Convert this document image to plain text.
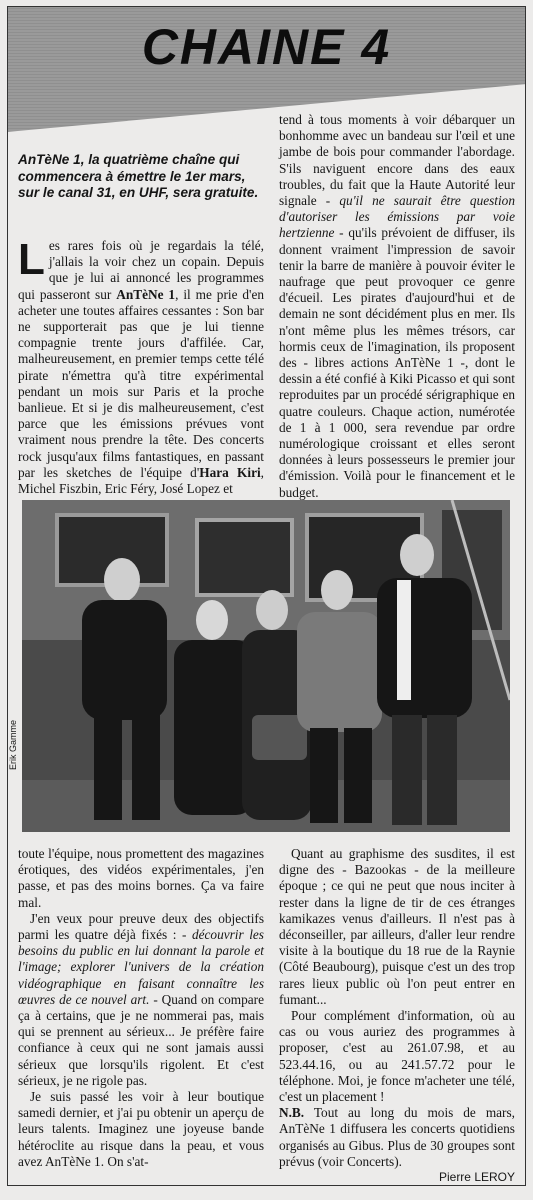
CHAINE 4
AnTèNe 1, la quatrième chaîne qui commencera à émettre le 1er mars, sur le canal 31, en UHF, sera gratuite.

Les rares fois où je regardais la télé, j'allais la voir chez un copain. Depuis que je lui ai annoncé les programmes qui passeront sur AnTèNe 1, il me prie d'en acheter une toutes affaires cessantes : Son bar ne supporterait pas que je lui tienne compagnie trente jours d'affilée. Car, malheureusement, en premier temps cette télé pirate n'émettra qu'à titre expérimental pendant un mois sur Paris et la proche banlieue. Et si je dis malheureusement, c'est parce que les émissions prévues vont vraiment nous prendre la tête. Des concerts rock jusqu'aux films fantastiques, en passant par les sketches de l'équipe d'Hara Kiri, Michel Fiszbin, Eric Féry, José Lopez et

tend à tous moments à voir débarquer un bonhomme avec un bandeau sur l'œil et une jambe de bois pour commander l'abordage. S'ils naviguent encore dans des eaux troubles, du fait que la Haute Autorité leur signale - qu'il ne saurait être question d'autoriser les émissions par voie hertzienne - qu'ils prévoient de diffuser, ils donnent vraiment l'impression de savoir tenir la barre de manière à pouvoir éviter le naufrage que peut provoquer ce genre d'écueil. Les pirates d'aujourd'hui et de demain ne sont décidément plus en mer. Ils n'ont même plus les mêmes trésors, car hormis ceux de l'imagination, ils proposent des - libres actions AnTèNe 1 -, dont le dessin a été confié à Kiki Picasso et qui sont reproduites par un procédé sérigraphique en quatre couleurs. Chaque action, numérotée de 1 à 1 000, sera revendue par ordre numérologique croissant et elles seront données à leurs possesseurs le premier jour d'émission. Voilà pour le financement et le budget.

Erik Gamme

toute l'équipe, nous promettent des magazines érotiques, des vidéos expérimentales, j'en passe, et pas des moins bornes. Ça va faire mal.

J'en veux pour preuve deux des objectifs parmi les quatre déjà fixés : - découvrir les besoins du public en lui donnant la parole et l'image; explorer l'univers de la création vidéographique en faisant connaître les œuvres de ce nouvel art. - Quand on compare ça à certains, que je ne nommerai pas, mais qui se prennent au sérieux... Je préfère faire confiance à ceux qui ne sont jamais aussi sérieux que lorsqu'ils rigolent. Et c'est sérieux, je ne rigole pas.

Je suis passé les voir à leur boutique samedi dernier, et j'ai pu obtenir un aperçu de leurs talents. Imaginez une joyeuse bande hétéroclite au risque dans la peau, et vous avez AnTèNe 1. On s'at-

Quant au graphisme des susdites, il est digne des - Bazookas - de la meilleure époque ; ce qui ne peut que nous inciter à rester dans la ligne de tir de ces étranges kamikazes venus d'ailleurs. Il n'est pas à déconseiller, par ailleurs, d'aller leur rendre visite à la boutique du 18 rue de la Raynie (Côté Beaubourg), puisque c'est un des trop rares lieux public où l'on peut entrer en fumant...

Pour complément d'information, où au cas ou vous auriez des programmes à proposer, c'est au 261.07.98, et au 523.44.16, ou au 241.57.72 pour le téléphone. Moi, je fonce m'acheter une télé, c'est un placement !

N.B. Tout au long du mois de mars, AnTèNe 1 diffusera les concerts quotidiens organisés au Gibus. Plus de 30 groupes sont prévus (voir Concerts).

Pierre LEROY
